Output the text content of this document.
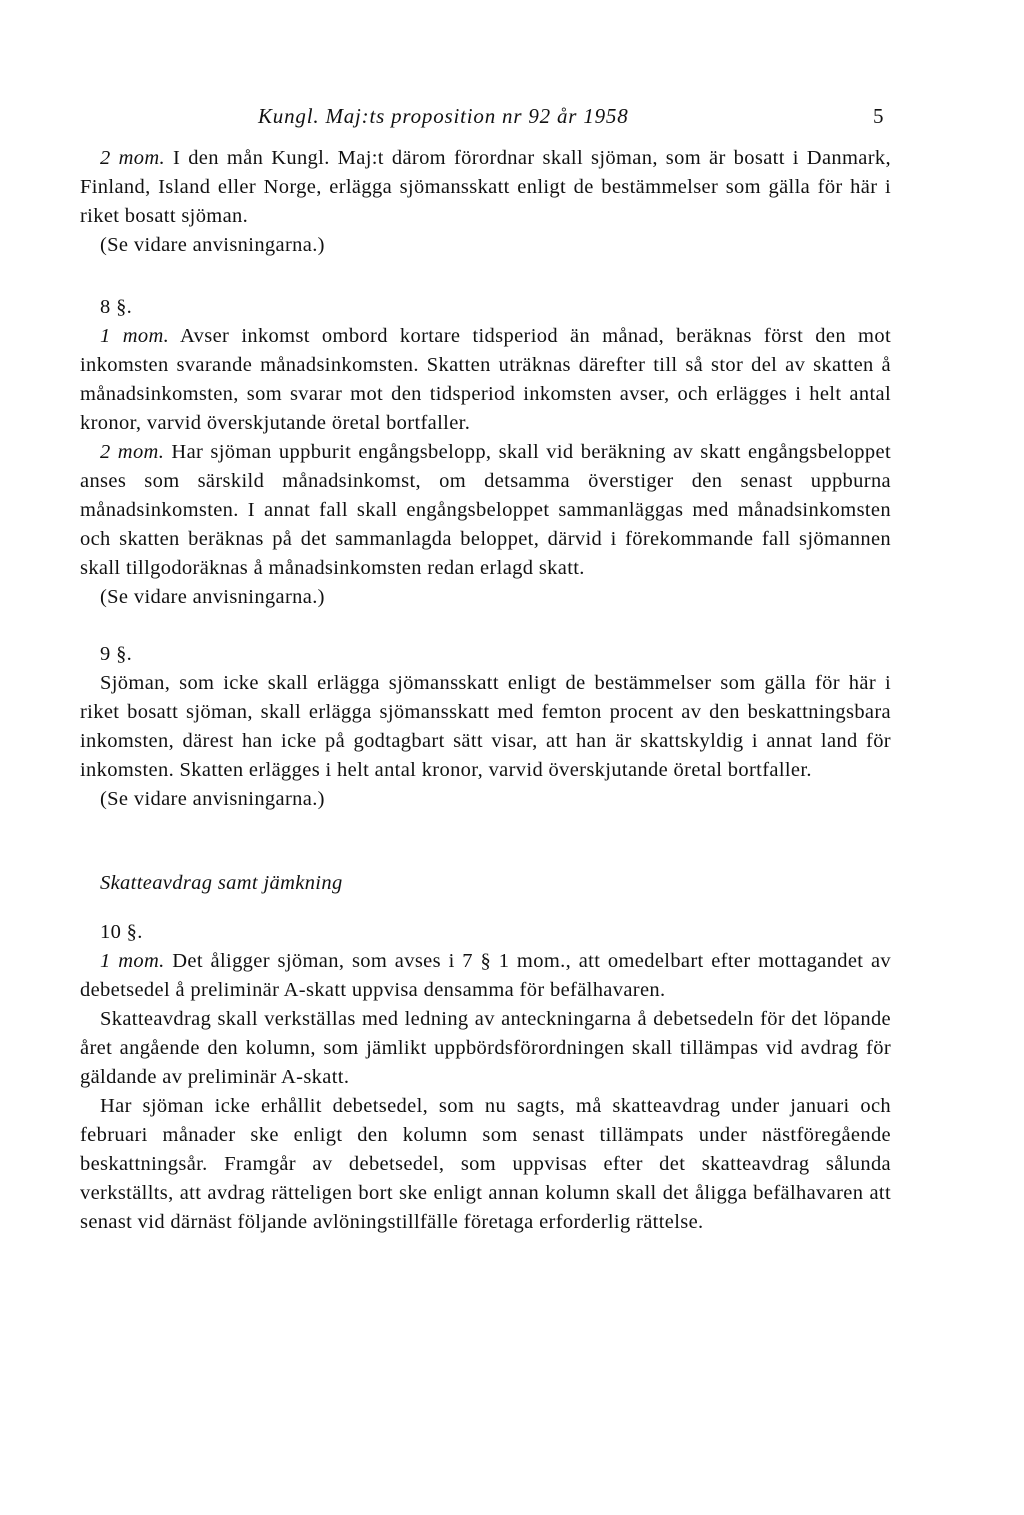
Kungl. Maj:ts proposition nr 92 år 1958	5

2 mom. I den mån Kungl. Maj:t därom förordnar skall sjöman, som är bosatt i Danmark, Finland, Island eller Norge, erlägga sjömansskatt enligt de bestämmelser som gälla för här i riket bosatt sjöman.

(Se vidare anvisningarna.)

8 §.

1 mom. Avser inkomst ombord kortare tidsperiod än månad, beräknas först den mot inkomsten svarande månadsinkomsten. Skatten uträknas därefter till så stor del av skatten å månadsinkomsten, som svarar mot den tidsperiod inkomsten avser, och erlägges i helt antal kronor, varvid överskjutande öretal bortfaller.

2 mom. Har sjöman uppburit engångsbelopp, skall vid beräkning av skatt engångsbeloppet anses som särskild månadsinkomst, om detsamma överstiger den senast uppburna månadsinkomsten. I annat fall skall engångsbeloppet sammanläggas med månadsinkomsten och skatten beräknas på det sammanlagda beloppet, därvid i förekommande fall sjömannen skall tillgodoräknas å månadsinkomsten redan erlagd skatt.

(Se vidare anvisningarna.)

9 §.

Sjöman, som icke skall erlägga sjömansskatt enligt de bestämmelser som gälla för här i riket bosatt sjöman, skall erlägga sjömansskatt med femton procent av den beskattningsbara inkomsten, därest han icke på godtagbart sätt visar, att han är skattskyldig i annat land för inkomsten. Skatten erlägges i helt antal kronor, varvid överskjutande öretal bortfaller.

(Se vidare anvisningarna.)

Skatteavdrag samt jämkning

10 §.

1 mom. Det åligger sjöman, som avses i 7 § 1 mom., att omedelbart efter mottagandet av debetsedel å preliminär A-skatt uppvisa densamma för befälhavaren.

Skatteavdrag skall verkställas med ledning av anteckningarna å debetsedeln för det löpande året angående den kolumn, som jämlikt uppbördsförordningen skall tillämpas vid avdrag för gäldande av preliminär A-skatt.

Har sjöman icke erhållit debetsedel, som nu sagts, må skatteavdrag under januari och februari månader ske enligt den kolumn som senast tillämpats under nästföregående beskattningsår. Framgår av debetsedel, som uppvisas efter det skatteavdrag sålunda verkställts, att avdrag rätteligen bort ske enligt annan kolumn skall det åligga befälhavaren att senast vid därnäst följande avlöningstillfälle företaga erforderlig rättelse.
